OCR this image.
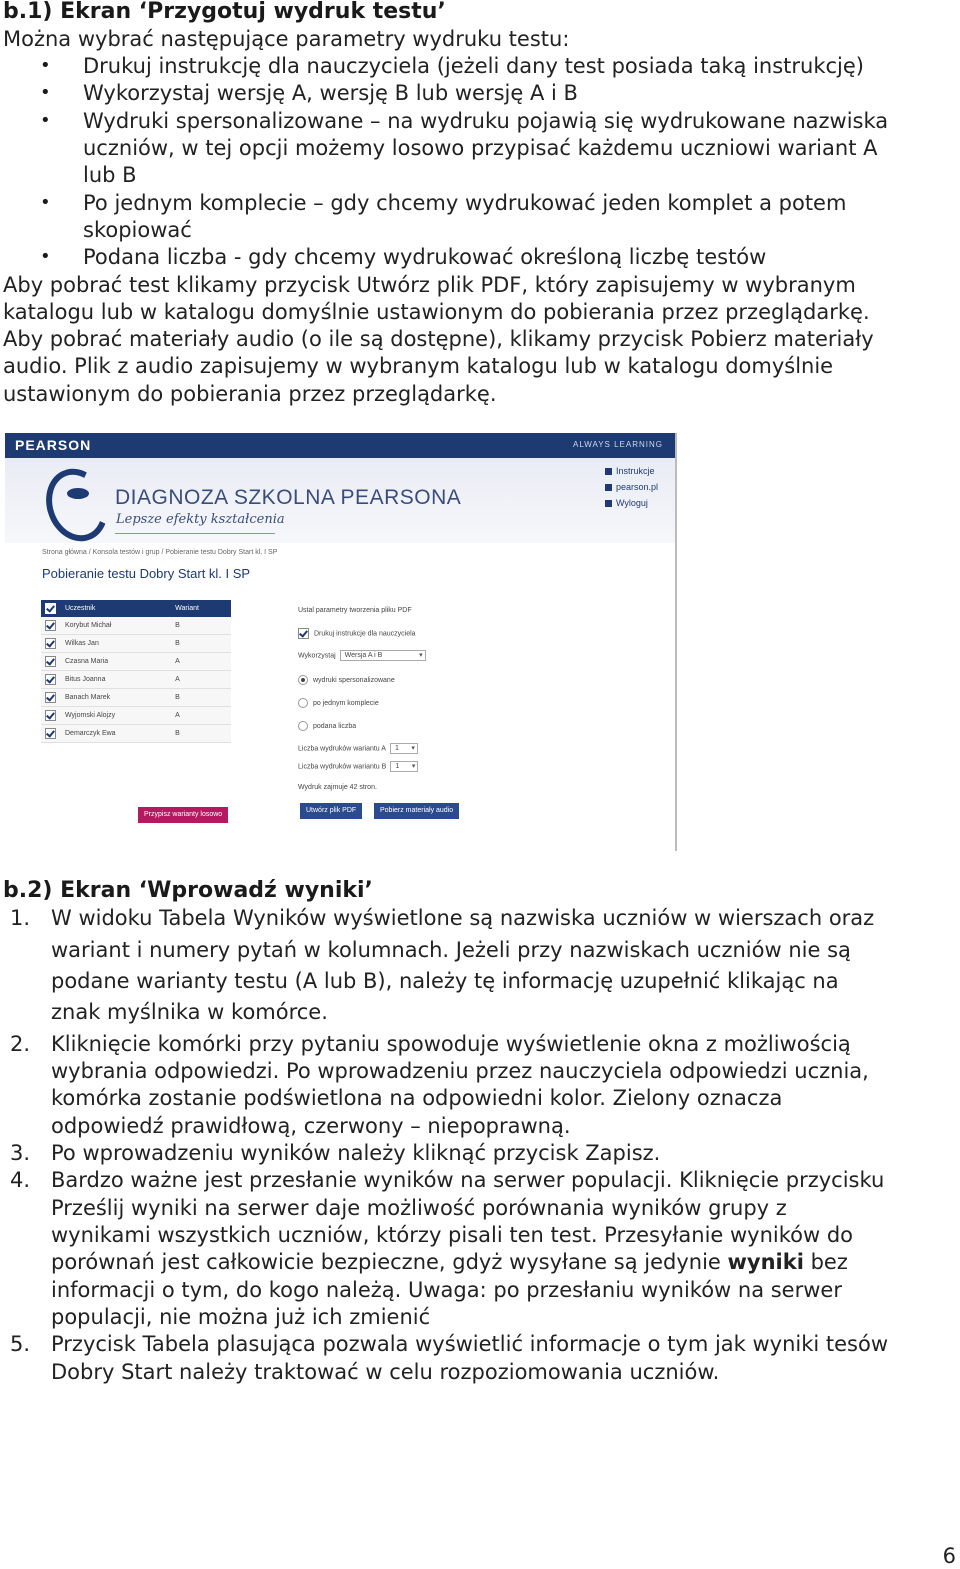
b.1) Ekran ‘Przygotuj wydruk testu’
Można wybrać następujące parametry wydruku testu:
• Drukuj instrukcję dla nauczyciela (jeżeli dany test posiada taką instrukcję)
• Wykorzystaj wersję A, wersję B lub wersję A i B
• Wydruki spersonalizowane – na wydruku pojawią się wydrukowane nazwiska
uczniów, w tej opcji możemy losowo przypisać każdemu uczniowi wariant A
lub B
• Po jednym komplecie – gdy chcemy wydrukować jeden komplet a potem
skopiować
• Podana liczba - gdy chcemy wydrukować określoną liczbę testów
Aby pobrać test klikamy przycisk Utwórz plik PDF, który zapisujemy w wybranym
katalogu lub w katalogu domyślnie ustawionym do pobierania przez przeglądarkę.
Aby pobrać materiały audio (o ile są dostępne), klikamy przycisk Pobierz materiały
audio. Plik z audio zapisujemy w wybranym katalogu lub w katalogu domyślnie
ustawionym do pobierania przez przeglądarkę.
PEARSON	ALWAYS LEARNING
DIAGNOZA SZKOLNA PEARSONA
Lepsze efekty kształcenia
Instrukcje
pearson.pl
Wyloguj
Strona główna / Konsola testów i grup / Pobieranie testu Dobry Start kl. I SP
Pobieranie testu Dobry Start kl. I SP
	Uczestnik	Wariant
	Korybut Michał	B
	Wilkas Jan	B
	Czasna Maria	A
	Bitus Joanna	A
	Banach Marek	B
	Wyjomski Alojzy	A
	Demarczyk Ewa	B
Przypisz warianty losowo
Ustal parametry tworzenia pliku PDF
Drukuj instrukcje dla nauczyciela
Wykorzystaj Wersja A i B ▾
wydruki spersonalizowane
po jednym komplecie
podana liczba
Liczba wydruków wariantu A 1 ▾
Liczba wydruków wariantu B 1 ▾
Wydruk zajmuje 42 stron.
Utwórz plik PDF	Pobierz materiały audio
b.2) Ekran ‘Wprowadź wyniki’
1. W widoku Tabela Wyników wyświetlone są nazwiska uczniów w wierszach oraz
wariant i numery pytań w kolumnach. Jeżeli przy nazwiskach uczniów nie są
podane warianty testu (A lub B), należy tę informację uzupełnić klikając na
znak myślnika w komórce.
2. Kliknięcie komórki przy pytaniu spowoduje wyświetlenie okna z możliwością
wybrania odpowiedzi. Po wprowadzeniu przez nauczyciela odpowiedzi ucznia,
komórka zostanie podświetlona na odpowiedni kolor. Zielony oznacza
odpowiedź prawidłową, czerwony – niepoprawną.
3. Po wprowadzeniu wyników należy kliknąć przycisk Zapisz.
4. Bardzo ważne jest przesłanie wyników na serwer populacji. Kliknięcie przycisku
Prześlij wyniki na serwer daje możliwość porównania wyników grupy z
wynikami wszystkich uczniów, którzy pisali ten test. Przesyłanie wyników do
porównań jest całkowicie bezpieczne, gdyż wysyłane są jedynie wyniki bez
informacji o tym, do kogo należą. Uwaga: po przesłaniu wyników na serwer
populacji, nie można już ich zmienić
5. Przycisk Tabela plasująca pozwala wyświetlić informacje o tym jak wyniki tesów
Dobry Start należy traktować w celu rozpoziomowania uczniów.
6
